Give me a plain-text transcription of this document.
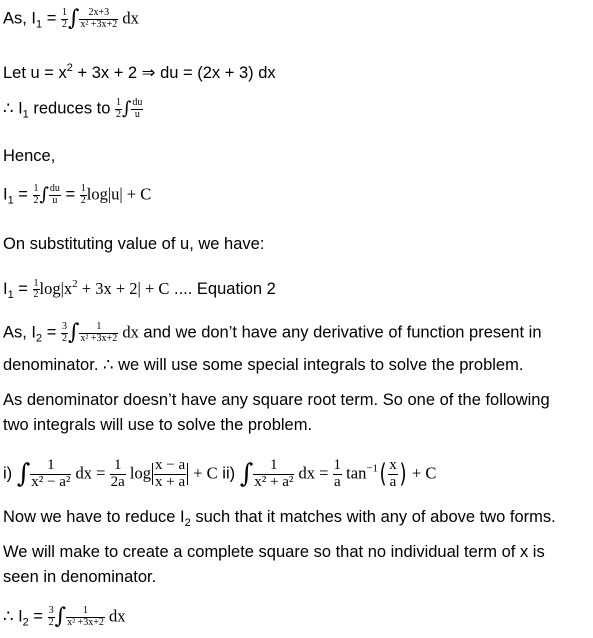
As, $I_1 = \frac{1}{2}$ ∫ $\frac{2x+3}{\text{x² +3x+2}}$ dx
Let $u = x^2 + 3x + 2$ ⇒ du = (2x + 3) dx
∴ $I_1$ reduces to $\frac{1}{2}$ ∫ $\frac{du}{u}$
Hence,
$I_1 = \frac{1}{2}$ ∫ $\frac{du}{u} = \frac{1}{2} \log|u| + C$
On substituting value of u, we have:
$I_1 = \frac{1}{2} \log|x^2 + 3x + 2| + C$ .... Equation 2
As, $I_2 = \frac{3}{2}$ ∫ $\frac{1}{\text{x² +3x+2}}$ dx and we don’t have any derivative of function present in
denominator. ∴ we will use some special integrals to solve the problem.
As denominator doesn’t have any square root term. So one of the following
two integrals will use to solve the problem.
i) ∫ $\frac{1}{\text{x² − a²}}$ dx = $\frac{1}{2a}$ $\log \frac{x - a}{x + a} + C$ ii) ∫ $\frac{1}{\text{x² + a²}}$ dx = $\frac{1}{a} \tan^{-1}( \frac{x}{a}$ ) + C
Now we have to reduce $I_2$ such that it matches with any of above two forms.
We will make to create a complete square so that no individual term of x is
seen in denominator.
∴ $I_2 = \frac{3}{2}$ ∫ $\frac{1}{\text{x² +3x+2}}$ dx
